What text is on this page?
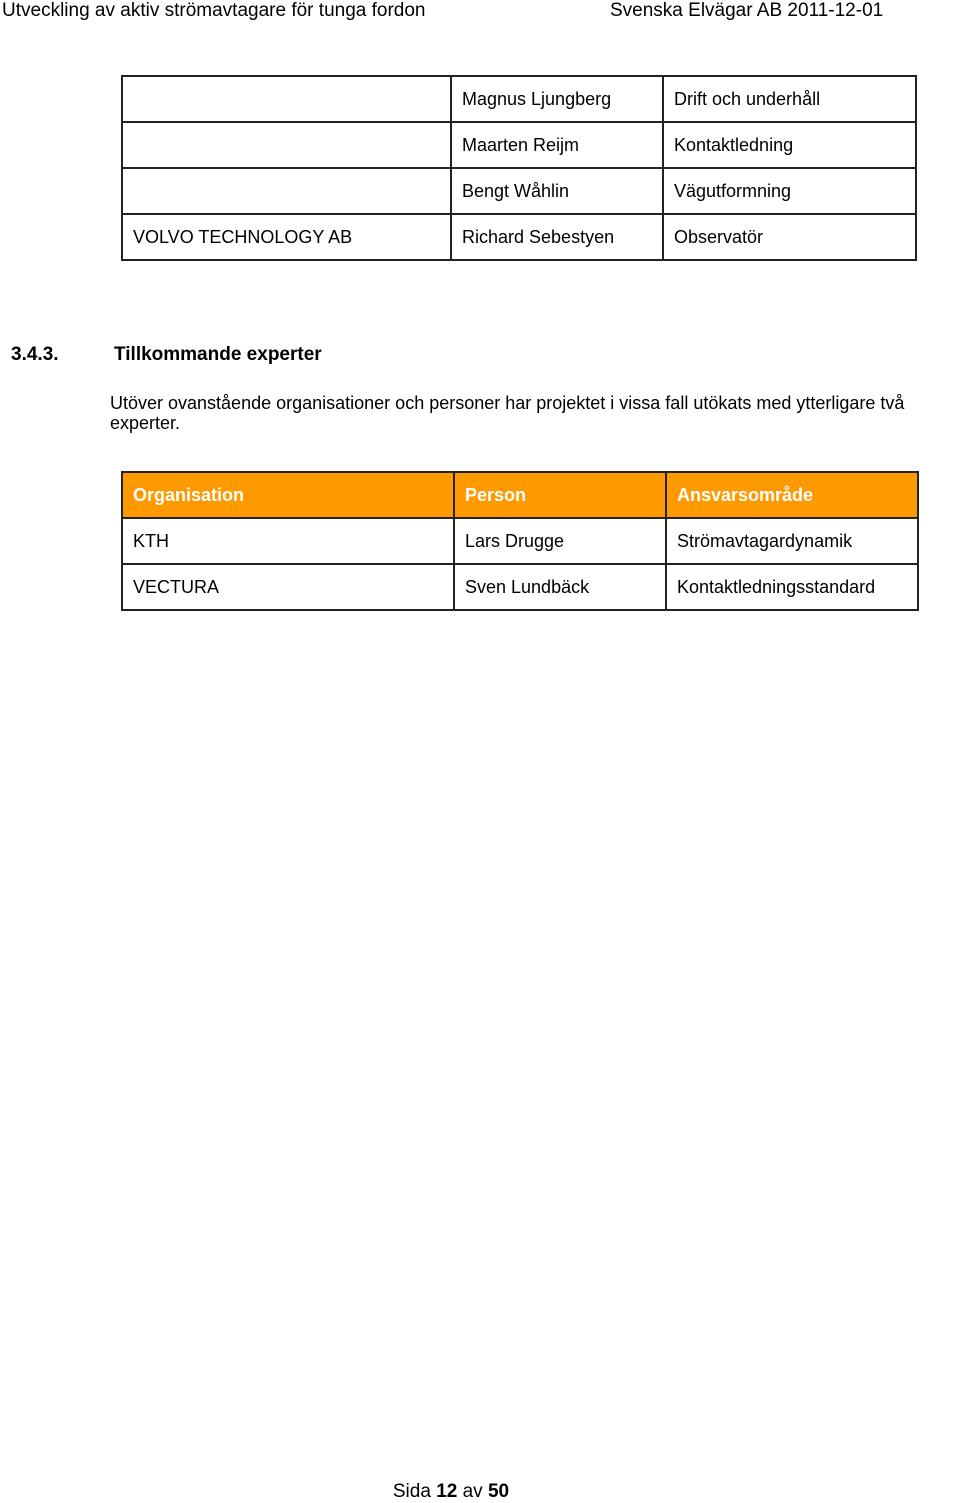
Utveckling av aktiv strömavtagare för tunga fordon	Svenska Elvägar AB 2011-12-01
	Magnus Ljungberg	Drift och underhåll
	Maarten Reijm	Kontaktledning
	Bengt Wåhlin	Vägutformning
VOLVO TECHNOLOGY AB	Richard Sebestyen	Observatör
3.4.3.	Tillkommande experter
Utöver ovanstående organisationer och personer har projektet i vissa fall utökats med ytterligare två experter.
Organisation	Person	Ansvarsområde
KTH	Lars Drugge	Strömavtagardynamik
VECTURA	Sven Lundbäck	Kontaktledningsstandard
Sida 12 av 50
